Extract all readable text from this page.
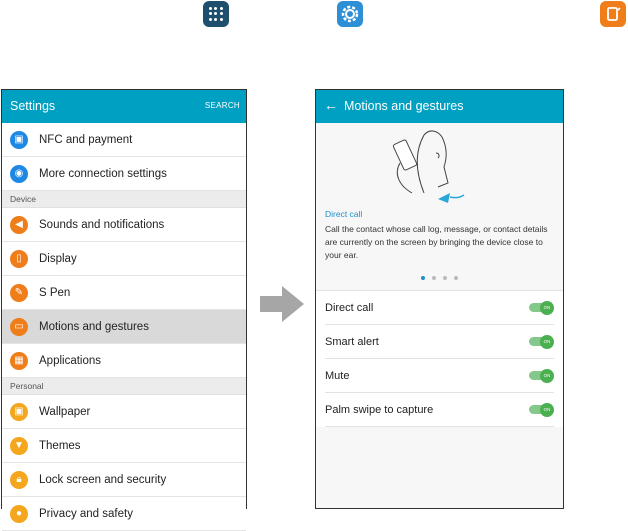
Settings	SEARCH
▣	NFC and payment
◉	More connection settings
Device
◀	Sounds and notifications
▯	Display
✎	S Pen
▭	Motions and gestures
▦	Applications
Personal
▣	Wallpaper
▼	Themes
🔒︎	Lock screen and security
●	Privacy and safety
← Motions and gestures
Direct call
Call the contact whose call log, message, or contact details are currently on the screen by bringing the device close to your ear.
Direct call	ON
Smart alert	ON
Mute	ON
Palm swipe to capture	ON
